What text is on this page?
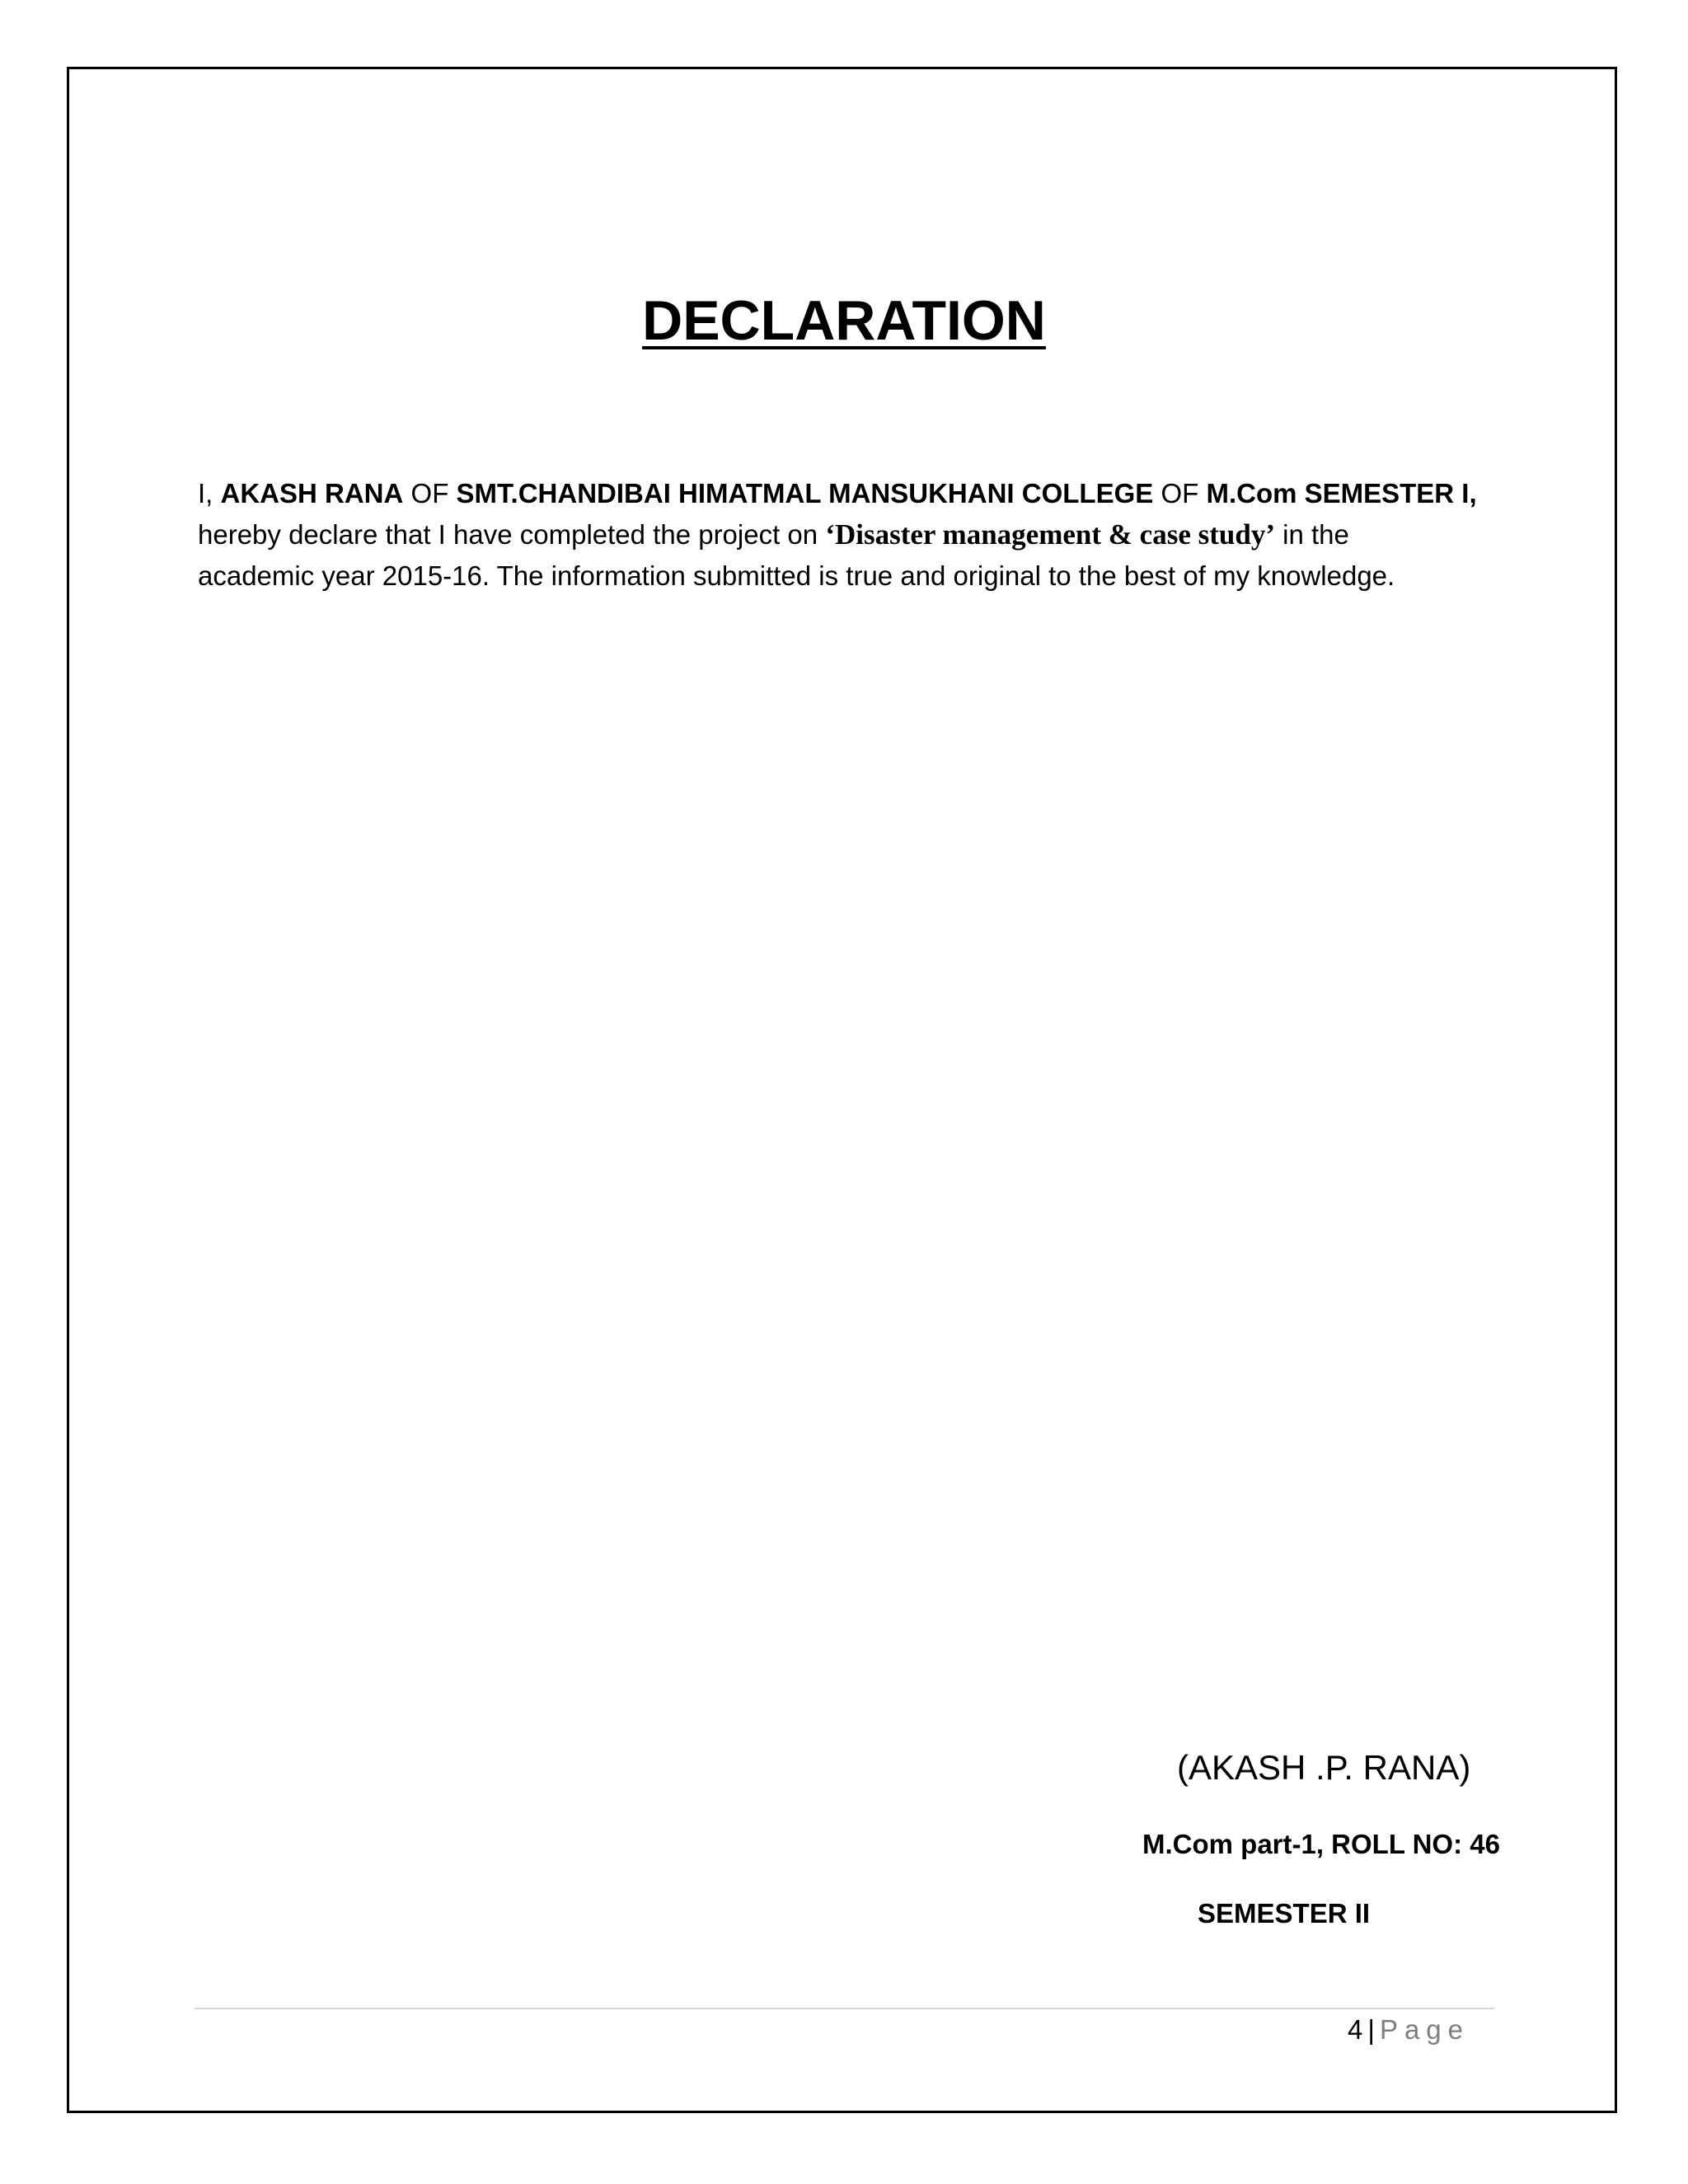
DECLARATION
I, AKASH RANA OF SMT.CHANDIBAI HIMATMAL MANSUKHANI COLLEGE OF M.Com SEMESTER I,
hereby declare that I have completed the project on ‘Disaster management & case study’ in the
academic year 2015-16. The information submitted is true and original to the best of my knowledge.
(AKASH .P. RANA)
M.Com part-1, ROLL NO: 46
SEMESTER II
4 | Page
